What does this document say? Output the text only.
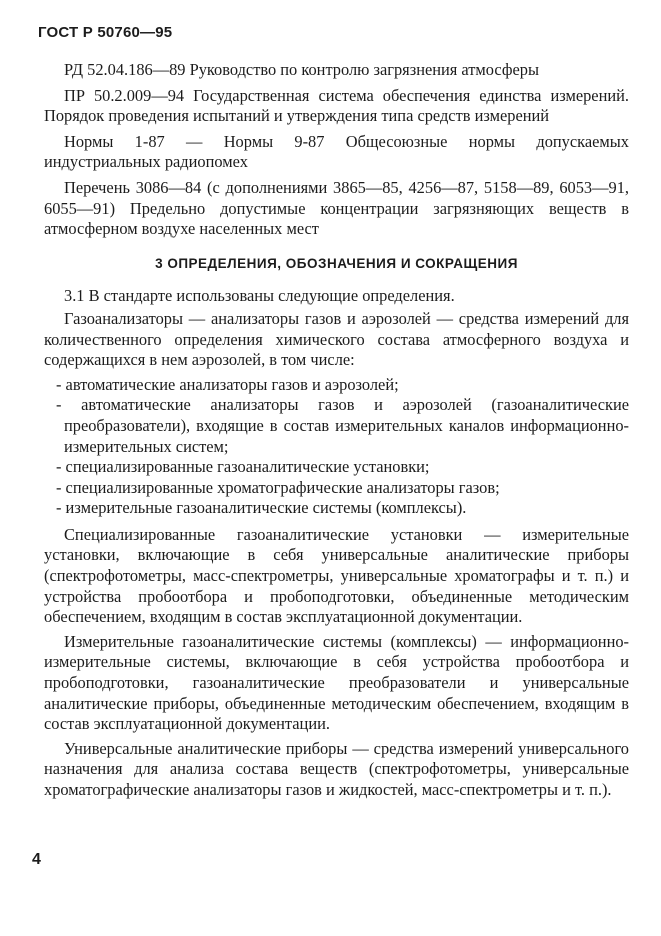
ГОСТ Р 50760—95

РД 52.04.186—89 Руководство по контролю загрязнения атмосферы

ПР 50.2.009—94 Государственная система обеспечения единства измерений. Порядок проведения испытаний и утверждения типа средств измерений

Нормы 1-87 — Нормы 9-87 Общесоюзные нормы допускаемых индустриальных радиопомех

Перечень 3086—84 (с дополнениями 3865—85, 4256—87, 5158—89, 6053—91, 6055—91) Предельно допустимые концентрации загрязняющих веществ в атмосферном воздухе населенных мест

3 ОПРЕДЕЛЕНИЯ, ОБОЗНАЧЕНИЯ И СОКРАЩЕНИЯ

3.1 В стандарте использованы следующие определения.

Газоанализаторы — анализаторы газов и аэрозолей — средства измерений для количественного определения химического состава атмосферного воздуха и содержащихся в нем аэрозолей, в том числе:

- автоматические анализаторы газов и аэрозолей;
- автоматические анализаторы газов и аэрозолей (газоаналитические преобразователи), входящие в состав измерительных каналов информационно-измерительных систем;
- специализированные газоаналитические установки;
- специализированные хроматографические анализаторы газов;
- измерительные газоаналитические системы (комплексы).

Специализированные газоаналитические установки — измерительные установки, включающие в себя универсальные аналитические приборы (спектрофотометры, масс-спектрометры, универсальные хроматографы и т. п.) и устройства пробоотбора и пробоподготовки, объединенные методическим обеспечением, входящим в состав эксплуатационной документации.

Измерительные газоаналитические системы (комплексы) — информационно-измерительные системы, включающие в себя устройства пробоотбора и пробоподготовки, газоаналитические преобразователи и универсальные аналитические приборы, объединенные методическим обеспечением, входящим в состав эксплуатационной документации.

Универсальные аналитические приборы — средства измерений универсального назначения для анализа состава веществ (спектрофотометры, универсальные хроматографические анализаторы газов и жидкостей, масс-спектрометры и т. п.).

4
